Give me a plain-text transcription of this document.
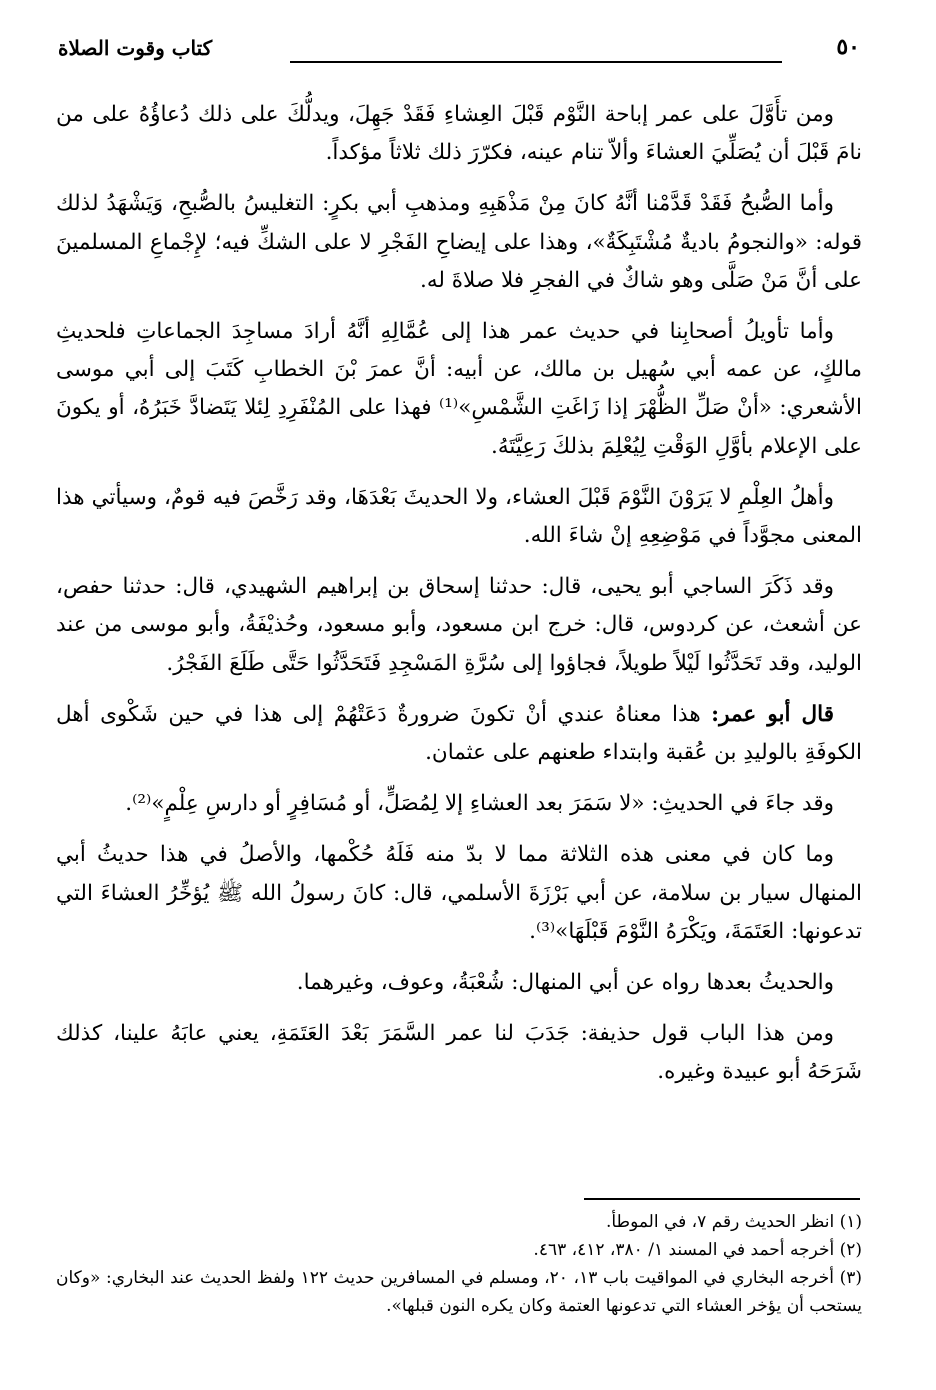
٥٠
كتاب وقوت الصلاة

ومن تأَوَّلَ على عمر إباحة النَّوْم قَبْلَ العِشاءِ فَقَدْ جَهِلَ، ويدلُّكَ على ذلك دُعاؤُهُ على من نامَ قَبْلَ أن يُصَلِّيَ العشاءَ وألاّ تنام عينه، فكرّرَ ذلك ثلاثاً مؤكداً.

وأما الصُّبحُ فَقَدْ قَدَّمْنا أنَّهُ كانَ مِنْ مَذْهَبِهِ ومذهبِ أبي بكرٍ: التغليسُ بالصُّبحِ، وَيَشْهَدُ لذلك قوله: «والنجومُ باديةٌ مُشْتَبِكَةٌ»، وهذا على إيضاحِ الفَجْرِ لا على الشكِّ فيه؛ لإِجْماعِ المسلمينَ على أنَّ مَنْ صَلَّى وهو شاكٌ في الفجرِ فلا صلاةَ له.

وأما تأويلُ أصحابِنا في حديث عمر هذا إلى عُمَّالِهِ أنَّهُ أرادَ مساجِدَ الجماعاتِ فلحديثِ مالكٍ، عن عمه أبي سُهيل بن مالك، عن أبيه: أنَّ عمرَ بْنَ الخطابِ كَتَبَ إلى أبي موسى الأشعري: «أنْ صَلِّ الظُّهْرَ إذا زَاغَتِ الشَّمْسِ»⁽¹⁾ فهذا على المُنْفَرِدِ لِئلا يَتَضادَّ خَبَرُهُ، أو يكونَ على الإعلام بأوَّلِ الوَقْتِ لِيُعْلِمَ بذلكَ رَعِيَّتَهُ.

وأهلُ العِلْمِ لا يَرَوْنَ النَّوْمَ قَبْلَ العشاء، ولا الحديثَ بَعْدَهَا، وقد رَخَّصَ فيه قومٌ، وسيأتي هذا المعنى مجوَّداً في مَوْضِعِهِ إنْ شاءَ الله.

وقد ذَكَرَ الساجي أبو يحيى، قال: حدثنا إسحاق بن إبراهيم الشهيدي، قال: حدثنا حفص، عن أشعث، عن كردوس، قال: خرج ابن مسعود، وأبو مسعود، وحُذيْفَةُ، وأبو موسى من عند الوليد، وقد تَحَدَّثُوا لَيْلاً طويلاً، فجاؤوا إلى سُرَّةِ المَسْجِدِ فَتَحَدَّثُوا حَتَّى طَلَعَ الفَجْرُ.

قال أبو عمر: هذا معناهُ عندي أنْ تكونَ ضرورةٌ دَعَتْهُمْ إلى هذا في حين شَكْوى أهل الكوفَةِ بالوليدِ بن عُقبة وابتداء طعنهم على عثمان.

وقد جاءَ في الحديثِ: «لا سَمَرَ بعد العشاءِ إلا لِمُصَلٍّ، أو مُسَافِرٍ أو دارسِ عِلْمٍ»⁽²⁾.

وما كان في معنى هذه الثلاثة مما لا بدّ منه فَلَهُ حُكْمها، والأصلُ في هذا حديثُ أبي المنهال سيار بن سلامة، عن أبي بَرْزَةَ الأسلمي، قال: كانَ رسولُ الله ﷺ يُؤخِّرُ العشاءَ التي تدعونها: العَتَمَةَ، ويَكْرَهُ النَّوْمَ قَبْلَهَا»⁽³⁾.

والحديثُ بعدها رواه عن أبي المنهال: شُعْبَةُ، وعوف، وغيرهما.

ومن هذا الباب قول حذيفة: جَدَبَ لنا عمر السَّمَرَ بَعْدَ العَتَمَةِ، يعني عابَهُ علينا، كذلك شَرَحَهُ أبو عبيدة وغيره.

(١) انظر الحديث رقم ٧، في الموطأ.

(٢) أخرجه أحمد في المسند ١/ ٣٨٠، ٤١٢، ٤٦٣.

(٣) أخرجه البخاري في المواقيت باب ١٣، ٢٠، ومسلم في المسافرين حديث ١٢٢ ولفظ الحديث عند البخاري: «وكان يستحب أن يؤخر العشاء التي تدعونها العتمة وكان يكره النون قبلها».
